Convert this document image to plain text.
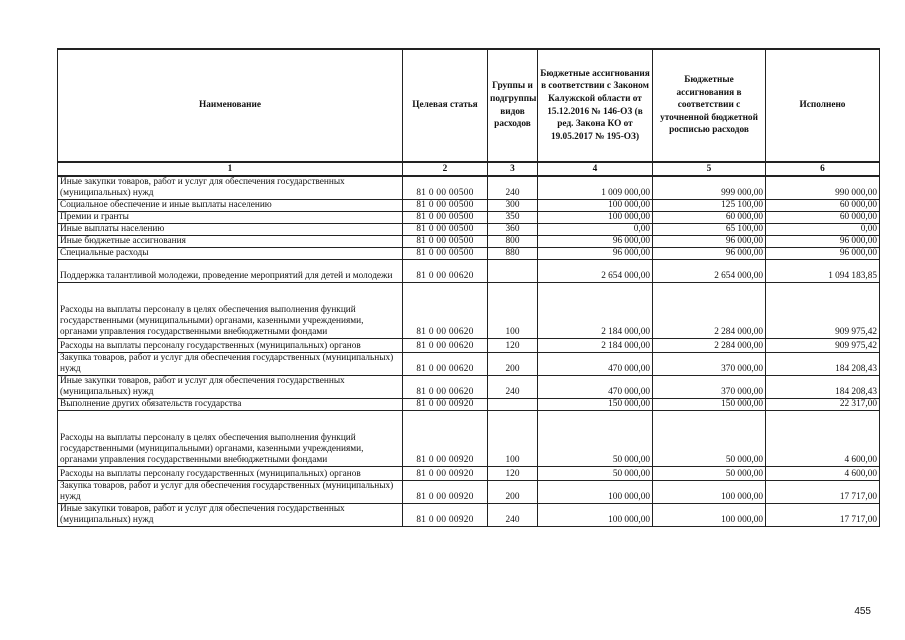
Наименование	Целевая статья	Группы и подгруппы видов расходов	Бюджетные ассигнования в соответствии с Законом Калужской области от 15.12.2016 № 146-ОЗ (в ред. Закона КО от 19.05.2017 № 195-ОЗ)	Бюджетные ассигнования в соответствии с уточненной бюджетной росписью расходов	Исполнено
1	2	3	4	5	6
Иные закупки товаров, работ и услуг для обеспечения государственных (муниципальных) нужд	81 0 00 00500	240	1 009 000,00	999 000,00	990 000,00
Социальное обеспечение и иные выплаты населению	81 0 00 00500	300	100 000,00	125 100,00	60 000,00
Премии и гранты	81 0 00 00500	350	100 000,00	60 000,00	60 000,00
Иные выплаты населению	81 0 00 00500	360	0,00	65 100,00	0,00
Иные бюджетные ассигнования	81 0 00 00500	800	96 000,00	96 000,00	96 000,00
Специальные расходы	81 0 00 00500	880	96 000,00	96 000,00	96 000,00
Поддержка талантливой молодежи, проведение мероприятий для детей и молодежи	81 0 00 00620		2 654 000,00	2 654 000,00	1 094 183,85
Расходы на выплаты персоналу в целях обеспечения выполнения функций государственными (муниципальными) органами, казенными учреждениями, органами управления государственными внебюджетными фондами	81 0 00 00620	100	2 184 000,00	2 284 000,00	909 975,42
Расходы на выплаты персоналу государственных (муниципальных) органов	81 0 00 00620	120	2 184 000,00	2 284 000,00	909 975,42
Закупка товаров, работ и услуг для обеспечения государственных (муниципальных) нужд	81 0 00 00620	200	470 000,00	370 000,00	184 208,43
Иные закупки товаров, работ и услуг для обеспечения государственных (муниципальных) нужд	81 0 00 00620	240	470 000,00	370 000,00	184 208,43
Выполнение других обязательств государства	81 0 00 00920		150 000,00	150 000,00	22 317,00
Расходы на выплаты персоналу в целях обеспечения выполнения функций государственными (муниципальными) органами, казенными учреждениями, органами управления государственными внебюджетными фондами	81 0 00 00920	100	50 000,00	50 000,00	4 600,00
Расходы на выплаты персоналу государственных (муниципальных) органов	81 0 00 00920	120	50 000,00	50 000,00	4 600,00
Закупка товаров, работ и услуг для обеспечения государственных (муниципальных) нужд	81 0 00 00920	200	100 000,00	100 000,00	17 717,00
Иные закупки товаров, работ и услуг для обеспечения государственных (муниципальных) нужд	81 0 00 00920	240	100 000,00	100 000,00	17 717,00
455
